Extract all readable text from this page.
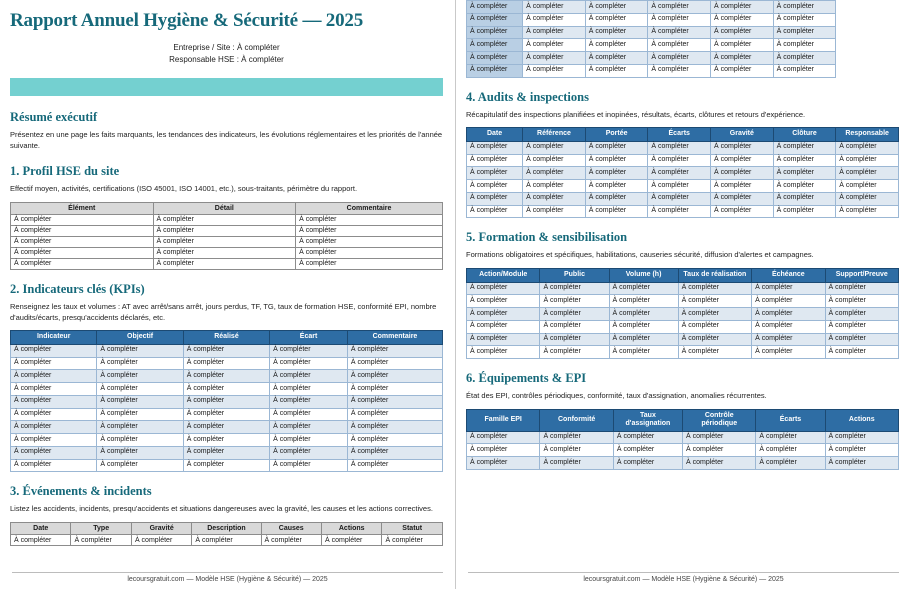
Rapport Annuel Hygiène & Sécurité — 2025
Entreprise / Site : À compléter
Responsable HSE : À compléter
Résumé exécutif

Présentez en une page les faits marquants, les tendances des indicateurs, les évolutions réglementaires et les priorités de l'année suivante.

1. Profil HSE du site

Effectif moyen, activités, certifications (ISO 45001, ISO 14001, etc.), sous-traitants, périmètre du rapport.

Élément	Détail	Commentaire
À compléter	À compléter	À compléter
À compléter	À compléter	À compléter
À compléter	À compléter	À compléter
À compléter	À compléter	À compléter
À compléter	À compléter	À compléter
2. Indicateurs clés (KPIs)

Renseignez les taux et volumes : AT avec arrêt/sans arrêt, jours perdus, TF, TG, taux de formation HSE, conformité EPI, nombre d'audits/écarts, presqu'accidents déclarés, etc.

Indicateur	Objectif	Réalisé	Écart	Commentaire
À compléter	À compléter	À compléter	À compléter	À compléter
À compléter	À compléter	À compléter	À compléter	À compléter
À compléter	À compléter	À compléter	À compléter	À compléter
À compléter	À compléter	À compléter	À compléter	À compléter
À compléter	À compléter	À compléter	À compléter	À compléter
À compléter	À compléter	À compléter	À compléter	À compléter
À compléter	À compléter	À compléter	À compléter	À compléter
À compléter	À compléter	À compléter	À compléter	À compléter
À compléter	À compléter	À compléter	À compléter	À compléter
À compléter	À compléter	À compléter	À compléter	À compléter
3. Événements & incidents

Listez les accidents, incidents, presqu'accidents et situations dangereuses avec la gravité, les causes et les actions correctives.

Date	Type	Gravité	Description	Causes	Actions	Statut
À compléter	À compléter	À compléter	À compléter	À compléter	À compléter	À compléter
lecoursgratuit.com — Modèle HSE (Hygiène & Sécurité) — 2025
À compléter	À compléter	À compléter	À compléter	À compléter	À compléter
À compléter	À compléter	À compléter	À compléter	À compléter	À compléter
À compléter	À compléter	À compléter	À compléter	À compléter	À compléter
À compléter	À compléter	À compléter	À compléter	À compléter	À compléter
À compléter	À compléter	À compléter	À compléter	À compléter	À compléter
À compléter	À compléter	À compléter	À compléter	À compléter	À compléter
4. Audits & inspections

Récapitulatif des inspections planifiées et inopinées, résultats, écarts, clôtures et retours d'expérience.

Date	Référence	Portée	Écarts	Gravité	Clôture	Responsable
À compléter	À compléter	À compléter	À compléter	À compléter	À compléter	À compléter
À compléter	À compléter	À compléter	À compléter	À compléter	À compléter	À compléter
À compléter	À compléter	À compléter	À compléter	À compléter	À compléter	À compléter
À compléter	À compléter	À compléter	À compléter	À compléter	À compléter	À compléter
À compléter	À compléter	À compléter	À compléter	À compléter	À compléter	À compléter
À compléter	À compléter	À compléter	À compléter	À compléter	À compléter	À compléter
5. Formation & sensibilisation

Formations obligatoires et spécifiques, habilitations, causeries sécurité, diffusion d'alertes et campagnes.

Action/Module	Public	Volume (h)	Taux de réalisation	Échéance	Support/Preuve
À compléter	À compléter	À compléter	À compléter	À compléter	À compléter
À compléter	À compléter	À compléter	À compléter	À compléter	À compléter
À compléter	À compléter	À compléter	À compléter	À compléter	À compléter
À compléter	À compléter	À compléter	À compléter	À compléter	À compléter
À compléter	À compléter	À compléter	À compléter	À compléter	À compléter
À compléter	À compléter	À compléter	À compléter	À compléter	À compléter
6. Équipements & EPI

État des EPI, contrôles périodiques, conformité, taux d'assignation, anomalies récurrentes.

Famille EPI	Conformité	Taux d'assignation	Contrôle périodique	Écarts	Actions
À compléter	À compléter	À compléter	À compléter	À compléter	À compléter
À compléter	À compléter	À compléter	À compléter	À compléter	À compléter
À compléter	À compléter	À compléter	À compléter	À compléter	À compléter
lecoursgratuit.com — Modèle HSE (Hygiène & Sécurité) — 2025
